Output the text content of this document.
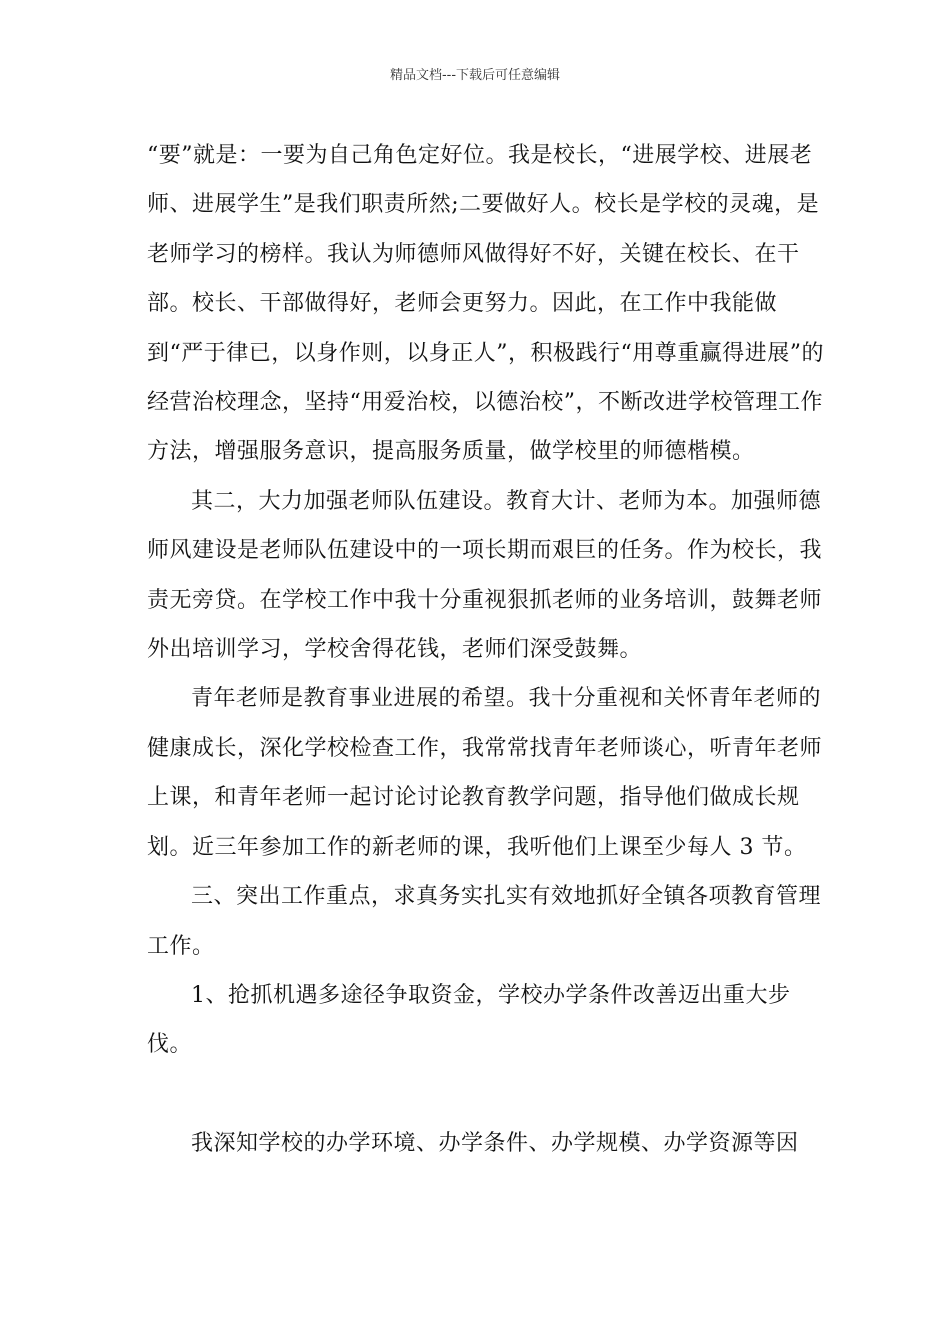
精品文档---下载后可任意编辑

“要”就是：一要为自己角色定好位。我是校长，“进展学校、进展老师、进展学生”是我们职责所然;二要做好人。校长是学校的灵魂，是老师学习的榜样。我认为师德师风做得好不好，关键在校长、在干部。校长、干部做得好，老师会更努力。因此，在工作中我能做到“严于律已，以身作则，以身正人”，积极践行“用尊重赢得进展”的经营治校理念，坚持“用爱治校，以德治校”，不断改进学校管理工作方法，增强服务意识，提高服务质量，做学校里的师德楷模。

其二，大力加强老师队伍建设。教育大计、老师为本。加强师德师风建设是老师队伍建设中的一项长期而艰巨的任务。作为校长，我责无旁贷。在学校工作中我十分重视狠抓老师的业务培训，鼓舞老师外出培训学习，学校舍得花钱，老师们深受鼓舞。

青年老师是教育事业进展的希望。我十分重视和关怀青年老师的健康成长，深化学校检查工作，我常常找青年老师谈心，听青年老师上课，和青年老师一起讨论讨论教育教学问题，指导他们做成长规划。近三年参加工作的新老师的课，我听他们上课至少每人 3 节。

三、突出工作重点，求真务实扎实有效地抓好全镇各项教育管理工作。

1、抢抓机遇多途径争取资金，学校办学条件改善迈出重大步伐。

我深知学校的办学环境、办学条件、办学规模、办学资源等因
